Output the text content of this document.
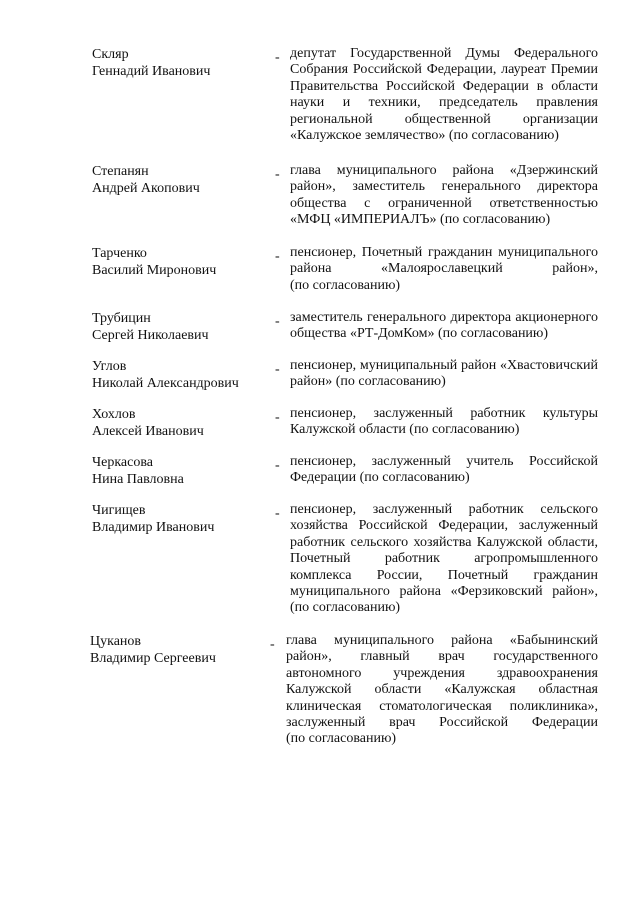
Скляр
Геннадий Иванович
- депутат Государственной Думы Федерального
Собрания Российской Федерации, лауреат Премии
Правительства Российской Федерации в области
науки и техники, председатель правления
региональной общественной организации
«Калужское землячество» (по согласованию)
Степанян
Андрей Акопович
- глава муниципального района «Дзержинский
район», заместитель генерального директора
общества с ограниченной ответственностью
«МФЦ «ИМПЕРИАЛЪ» (по согласованию)
Тарченко
Василий Миронович
- пенсионер, Почетный гражданин муниципального
района «Малоярославецкий район»,
(по согласованию)
Трубицин
Сергей Николаевич
- заместитель генерального директора акционерного
общества «РТ-ДомКом» (по согласованию)
Углов
Николай Александрович
- пенсионер, муниципальный район «Хвастовичский
район» (по согласованию)
Хохлов
Алексей Иванович
- пенсионер, заслуженный работник культуры
Калужской области (по согласованию)
Черкасова
Нина Павловна
- пенсионер, заслуженный учитель Российской
Федерации (по согласованию)
Чигищев
Владимир Иванович
- пенсионер, заслуженный работник сельского
хозяйства Российской Федерации, заслуженный
работник сельского хозяйства Калужской области,
Почетный работник агропромышленного
комплекса России, Почетный гражданин
муниципального района «Ферзиковский район»,
(по согласованию)
Цуканов
Владимир Сергеевич
- глава муниципального района «Бабынинский
район», главный врач государственного
автономного учреждения здравоохранения
Калужской области «Калужская областная
клиническая стоматологическая поликлиника»,
заслуженный врач Российской Федерации
(по согласованию)
